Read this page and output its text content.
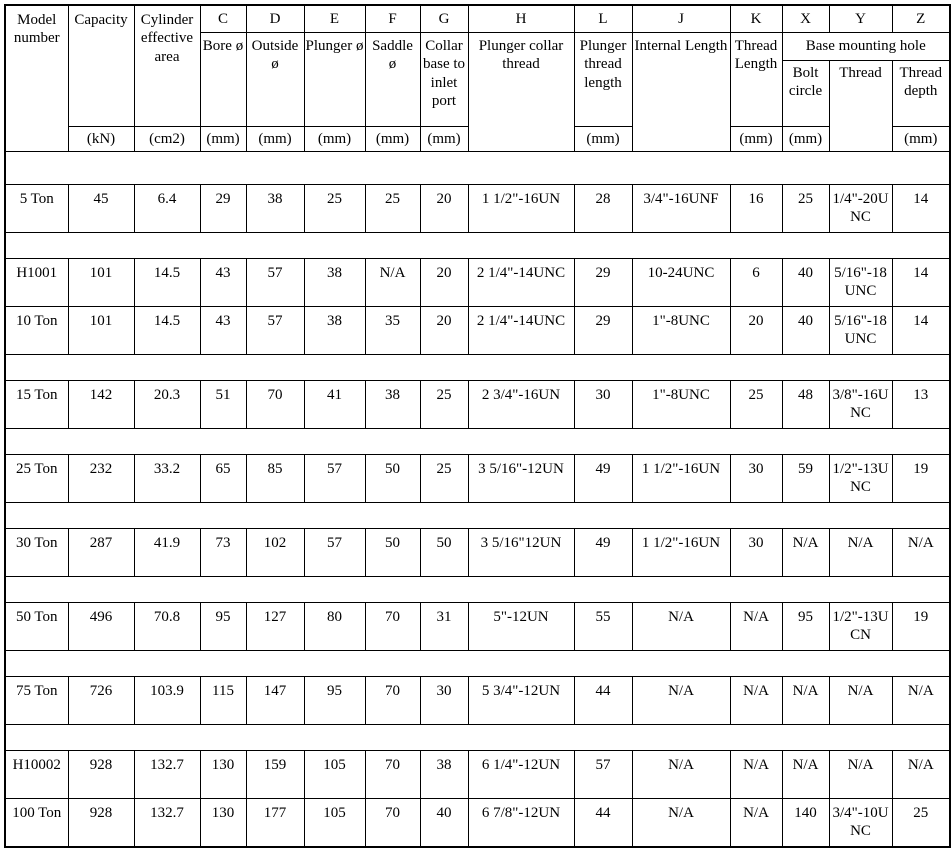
Model number	Capacity	Cylinder effective area	C	D	E	F	G	H	L	J	K	X	Y	Z
			Bore ø	Outside ø	Plunger ø	Saddle ø	Collar base to inlet port	Plunger collar thread	Plunger thread length	Internal Length	Thread Length	Base mounting hole		
												Bolt circle	Thread	Thread depth
	(kN)	(cm2)	(mm)	(mm)	(mm)	(mm)	(mm)		(mm)		(mm)	(mm)		(mm)

5 Ton	45	6.4	29	38	25	25	20	1 1/2"-16UN	28	3/4"-16UNF	16	25	1/4"-20UNC	14

H1001	101	14.5	43	57	38	N/A	20	2 1/4"-14UNC	29	10-24UNC	6	40	5/16"-18UNC	14
10 Ton	101	14.5	43	57	38	35	20	2 1/4"-14UNC	29	1"-8UNC	20	40	5/16"-18UNC	14

15 Ton	142	20.3	51	70	41	38	25	2 3/4"-16UN	30	1"-8UNC	25	48	3/8"-16UNC	13

25 Ton	232	33.2	65	85	57	50	25	3 5/16"-12UN	49	1 1/2"-16UN	30	59	1/2"-13UNC	19

30 Ton	287	41.9	73	102	57	50	50	3 5/16"12UN	49	1 1/2"-16UN	30	N/A	N/A	N/A

50 Ton	496	70.8	95	127	80	70	31	5"-12UN	55	N/A	N/A	95	1/2"-13UCN	19

75 Ton	726	103.9	115	147	95	70	30	5 3/4"-12UN	44	N/A	N/A	N/A	N/A	N/A

H10002	928	132.7	130	159	105	70	38	6 1/4"-12UN	57	N/A	N/A	N/A	N/A	N/A
100 Ton	928	132.7	130	177	105	70	40	6 7/8"-12UN	44	N/A	N/A	140	3/4"-10UNC	25
